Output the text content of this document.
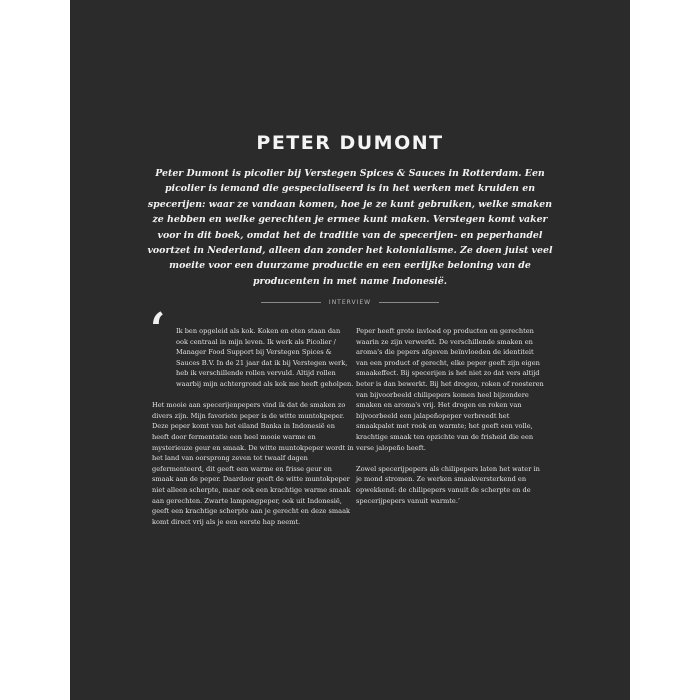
PETER DUMONT

Peter Dumont is picolier bij Verstegen Spices & Sauces in Rotterdam. Een picolier is iemand die gespecialiseerd is in het werken met kruiden en specerijen: waar ze vandaan komen, hoe je ze kunt gebruiken, welke smaken ze hebben en welke gerechten je ermee kunt maken. Verstegen komt vaker voor in dit boek, omdat het de traditie van de specerijen- en peperhandel voortzet in Nederland, alleen dan zonder het kolonialisme. Ze doen juist veel moeite voor een duurzame productie en een eerlijke beloning van de producenten in met name Indonesië.

INTERVIEW
‘	Ik ben opgeleid als kok. Koken en eten staan dan ook centraal in mijn leven. Ik werk als Picolier / Manager Food Support bij Verstegen Spices & Sauces B.V. In de 21 jaar dat ik bij Verstegen werk, heb ik verschillende rollen vervuld. Altijd rollen waarbij mijn achtergrond als kok me heeft geholpen.

Het mooie aan specerijenpepers vind ik dat de smaken zo divers zijn. Mijn favoriete peper is de witte muntokpeper. Deze peper komt van het eiland Banka in Indonesië en heeft door fermentatie een heel mooie warme en mysterieuze geur en smaak. De witte muntokpeper wordt in het land van oorsprong zeven tot twaalf dagen gefermenteerd, dit geeft een warme en frisse geur en smaak aan de peper. Daardoor geeft de witte muntokpeper niet alleen scherpte, maar ook een krachtige warme smaak aan gerechten. Zwarte lampongpeper, ook uit Indonesië, geeft een krachtige scherpte aan je gerecht en deze smaak komt direct vrij als je een eerste hap neemt.

Peper heeft grote invloed op producten en gerechten waarin ze zijn verwerkt. De verschillende smaken en aroma's die pepers afgeven beïnvloeden de identiteit van een product of gerecht, elke peper geeft zijn eigen smaakeffect. Bij specerijen is het niet zo dat vers altijd beter is dan bewerkt. Bij het drogen, roken of roosteren van bijvoorbeeld chilipepers komen heel bijzondere smaken en aroma's vrij. Het drogen en roken van bijvoorbeeld een jalapeñopeper verbreedt het smaakpalet met rook en warmte; het geeft een volle, krachtige smaak ten opzichte van de frisheid die een verse jalopeño heeft.

Zowel specerijpepers als chilipepers laten het water in je mond stromen. Ze werken smaakversterkend en opwekkend: de chilipepers vanuit de scherpte en de specerijpepers vanuit warmte.’
